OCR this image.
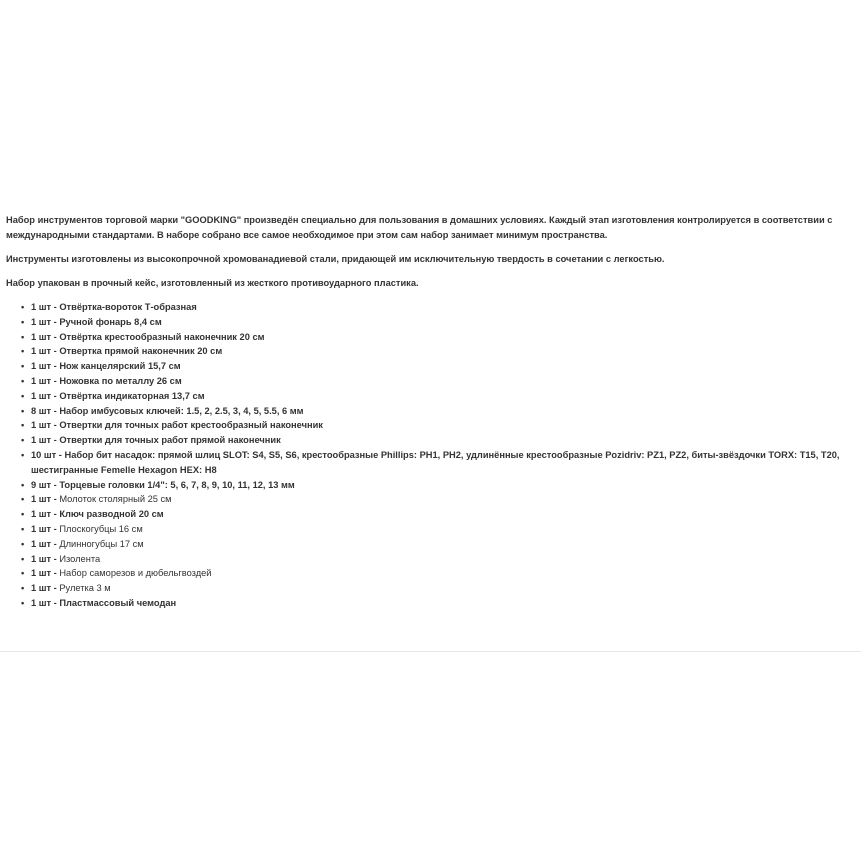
Набор инструментов торговой марки "GOODKING" произведён специально для пользования в домашних условиях. Каждый этап изготовления контролируется в соответствии с международными стандартами. В наборе собрано все самое необходимое при этом сам набор занимает минимум пространства.

Инструменты изготовлены из высокопрочной хромованадиевой стали, придающей им исключительную твердость в сочетании с легкостью.

Набор упакован в прочный кейс, изготовленный из жесткого противоударного пластика.

• 1 шт - Отвёртка-вороток Т-образная
• 1 шт - Ручной фонарь 8,4 см
• 1 шт - Отвёртка крестообразный наконечник 20 см
• 1 шт - Отвертка прямой наконечник 20 см
• 1 шт - Нож канцелярский 15,7 см
• 1 шт - Ножовка по металлу 26 см
• 1 шт - Отвёртка индикаторная 13,7 см
• 8 шт - Набор имбусовых ключей: 1.5, 2, 2.5, 3, 4, 5, 5.5, 6 мм
• 1 шт - Отвертки для точных работ крестообразный наконечник
• 1 шт - Отвертки для точных работ прямой наконечник
• 10 шт - Набор бит насадок: прямой шлиц SLOT: S4, S5, S6, крестообразные Phillips: PH1, PH2, удлинённые крестообразные Pozidriv: PZ1, PZ2, биты-звёздочки TORX: T15, T20, шестигранные Femelle Hexagon HEX: H8
• 9 шт - Торцевые головки 1/4": 5, 6, 7, 8, 9, 10, 11, 12, 13 мм
• 1 шт - Молоток столярный 25 см
• 1 шт - Ключ разводной 20 см
• 1 шт - Плоскогубцы 16 см
• 1 шт - Длинногубцы 17 см
• 1 шт - Изолента
• 1 шт - Набор саморезов и дюбельгвоздей
• 1 шт - Рулетка 3 м
• 1 шт - Пластмассовый чемодан
